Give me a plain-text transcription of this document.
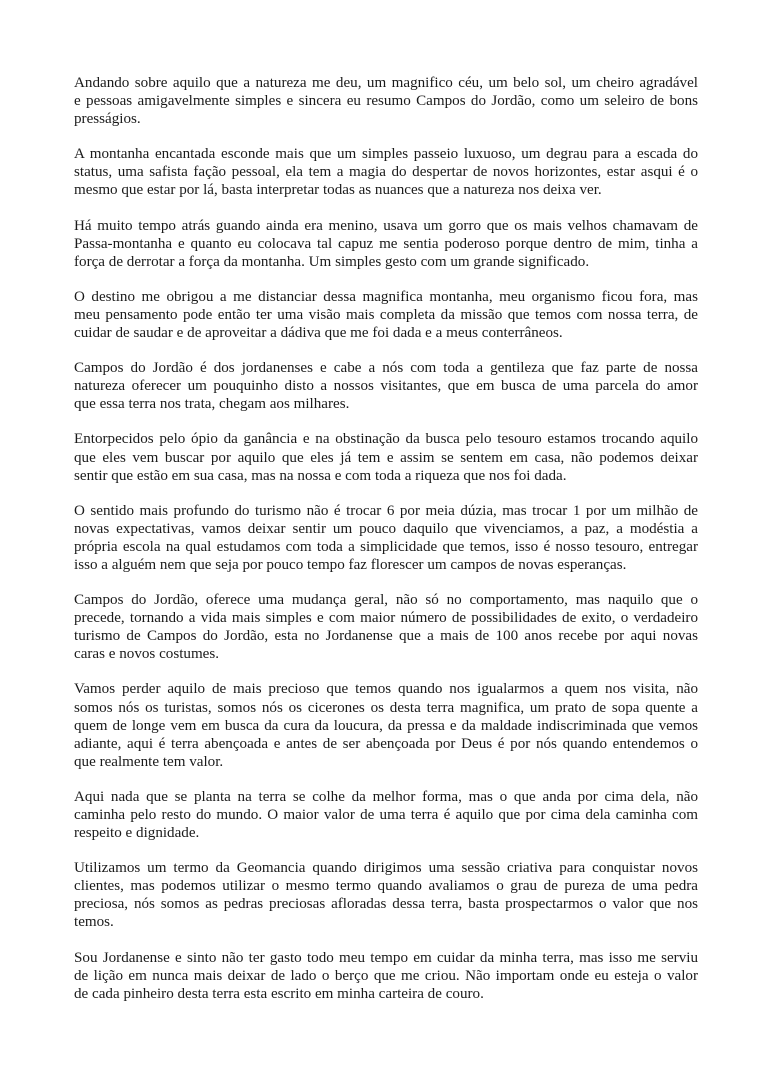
Andando sobre aquilo que a natureza me deu, um magnifico céu, um belo sol, um cheiro agradável
e pessoas amigavelmente simples e sincera eu resumo Campos do Jordão, como um seleiro de bons
presságios.

A montanha encantada esconde mais que um simples passeio luxuoso, um degrau para a escada do
status, uma safista fação pessoal, ela tem a magia do despertar de novos horizontes, estar asqui é o
mesmo que estar por lá, basta interpretar todas as nuances que a natureza nos deixa ver.

Há muito tempo atrás guando ainda era menino, usava um gorro que os mais velhos chamavam de
Passa-montanha e quanto eu colocava tal capuz me sentia poderoso porque dentro de mim, tinha a
força de derrotar a força da montanha. Um simples gesto com um grande significado.

O destino me obrigou a me distanciar dessa magnifica montanha, meu organismo ficou fora, mas
meu pensamento pode então ter uma visão mais completa da missão que temos com nossa terra, de
cuidar de saudar e de aproveitar a dádiva que me foi dada e a meus conterrâneos.

Campos do Jordão é dos jordanenses e cabe a nós com toda a gentileza que faz parte de nossa
natureza oferecer um pouquinho disto a nossos visitantes, que em busca de uma parcela do amor
que essa terra nos trata, chegam aos milhares.

Entorpecidos pelo ópio da ganância e na obstinação da busca pelo tesouro estamos trocando aquilo
que eles vem buscar por aquilo que eles já tem e assim se sentem em casa, não podemos deixar
sentir que estão em sua casa, mas na nossa e com toda a riqueza que nos foi dada.

O sentido mais profundo do turismo não é trocar 6 por meia dúzia, mas trocar 1 por um milhão de
novas expectativas, vamos deixar sentir um pouco daquilo que vivenciamos, a paz, a modéstia a
própria escola na qual estudamos com toda a simplicidade que temos, isso é nosso tesouro, entregar
isso a alguém nem que seja por pouco tempo faz florescer um campos de novas esperanças.

Campos do Jordão, oferece uma mudança geral, não só no comportamento, mas naquilo que o
precede, tornando a vida mais simples e com maior número de possibilidades de exito, o verdadeiro
turismo de Campos do Jordão, esta no Jordanense que a mais de 100 anos recebe por aqui novas
caras e novos costumes.

Vamos perder aquilo de mais precioso que temos quando nos igualarmos a quem nos visita, não
somos nós os turistas, somos nós os cicerones os desta terra magnifica, um prato de sopa quente a
quem de longe vem em busca da cura da loucura, da pressa e da maldade indiscriminada que vemos
adiante, aqui é terra abençoada e antes de ser abençoada por Deus é por nós quando entendemos o
que realmente tem valor.

Aqui nada que se planta na terra se colhe da melhor forma, mas o que anda por cima dela, não
caminha pelo resto do mundo. O maior valor de uma terra é aquilo que por cima dela caminha com
respeito e dignidade.

Utilizamos um termo da Geomancia quando dirigimos uma sessão criativa para conquistar novos
clientes, mas podemos utilizar o mesmo termo quando avaliamos o grau de pureza de uma pedra
preciosa, nós somos as pedras preciosas afloradas dessa terra, basta prospectarmos o valor que nos
temos.

Sou Jordanense e sinto não ter gasto todo meu tempo em cuidar da minha terra, mas isso me serviu
de lição em nunca mais deixar de lado o berço que me criou. Não importam onde eu esteja o valor
de cada pinheiro desta terra esta escrito em minha carteira de couro.
